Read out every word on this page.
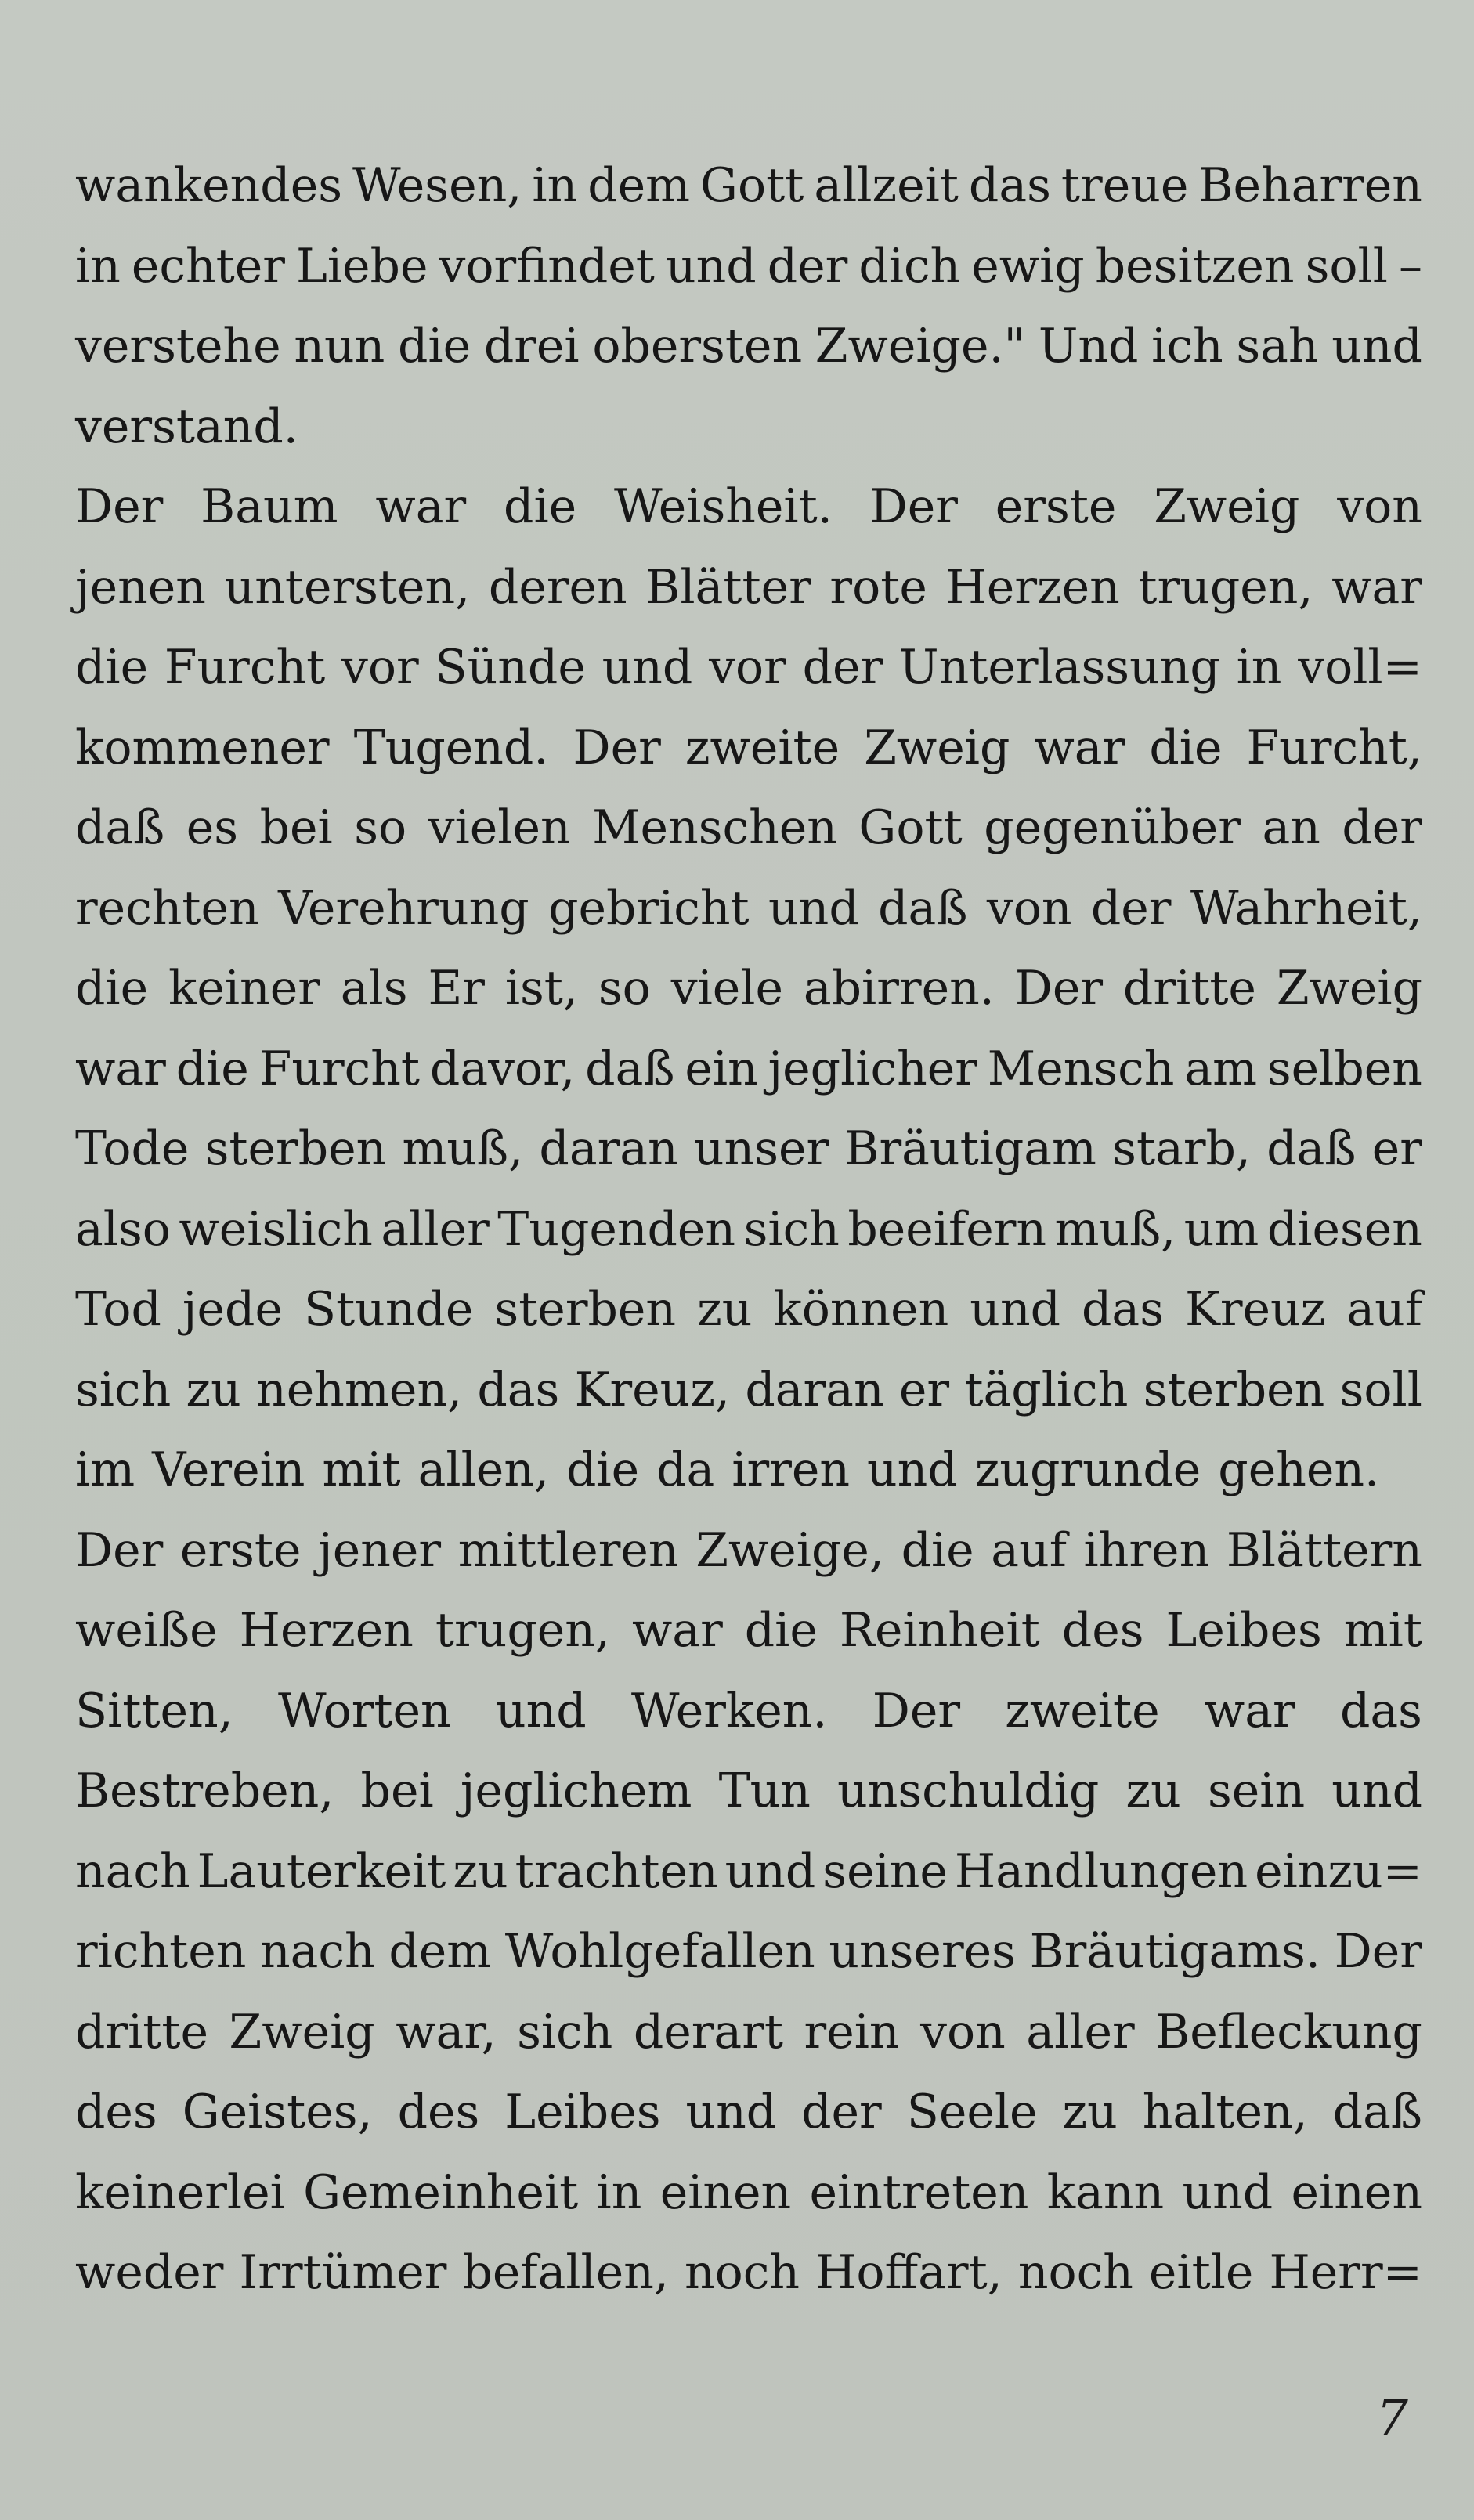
wankendes Wesen, in dem Gott allzeit das treue Beharren
in echter Liebe vorfindet und der dich ewig besitzen soll –
verstehe nun die drei obersten Zweige." Und ich sah und
verstand.
Der Baum war die Weisheit. Der erste Zweig von
jenen untersten, deren Blätter rote Herzen trugen, war
die Furcht vor Sünde und vor der Unterlassung in voll=
kommener Tugend. Der zweite Zweig war die Furcht,
daß es bei so vielen Menschen Gott gegenüber an der
rechten Verehrung gebricht und daß von der Wahrheit,
die keiner als Er ist, so viele abirren. Der dritte Zweig
war die Furcht davor, daß ein jeglicher Mensch am selben
Tode sterben muß, daran unser Bräutigam starb, daß er
also weislich aller Tugenden sich beeifern muß, um diesen
Tod jede Stunde sterben zu können und das Kreuz auf
sich zu nehmen, das Kreuz, daran er täglich sterben soll
im Verein mit allen, die da irren und zugrunde gehen.
Der erste jener mittleren Zweige, die auf ihren Blättern
weiße Herzen trugen, war die Reinheit des Leibes mit
Sitten, Worten und Werken. Der zweite war das
Bestreben, bei jeglichem Tun unschuldig zu sein und
nach Lauterkeit zu trachten und seine Handlungen einzu=
richten nach dem Wohlgefallen unseres Bräutigams. Der
dritte Zweig war, sich derart rein von aller Befleckung
des Geistes, des Leibes und der Seele zu halten, daß
keinerlei Gemeinheit in einen eintreten kann und einen
weder Irrtümer befallen, noch Hoffart, noch eitle Herr=
7
